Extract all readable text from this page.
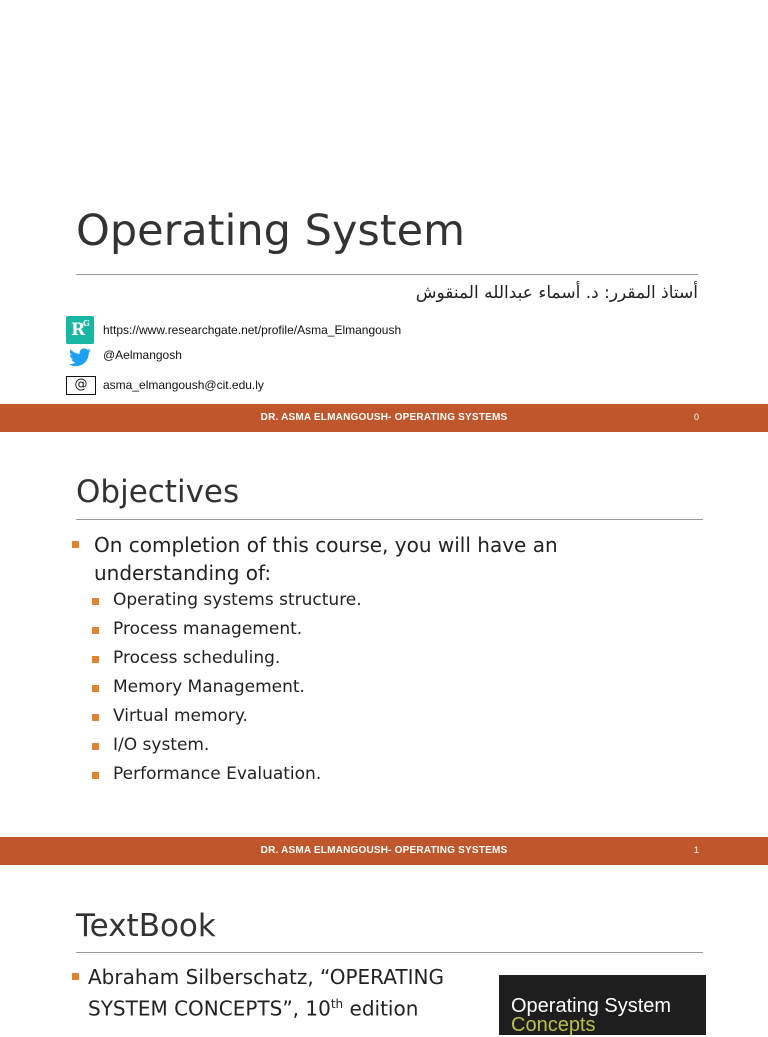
Operating System
أستاذ المقرر: د. أسماء عبدالله المنقوش
R
G https://www.researchgate.net/profile/Asma_Elmangoush
@Aelmangosh
@	asma_elmangoush@cit.edu.ly
DR. ASMA ELMANGOUSH- OPERATING SYSTEMS	0
Objectives
On completion of this course, you will have an understanding of:
Operating systems structure.
Process management.
Process scheduling.
Memory Management.
Virtual memory.
I/O system.
Performance Evaluation.
DR. ASMA ELMANGOUSH- OPERATING SYSTEMS	1
TextBook
Abraham Silberschatz, “OPERATING SYSTEM CONCEPTS”, 10th edition	Operating System
Concepts
